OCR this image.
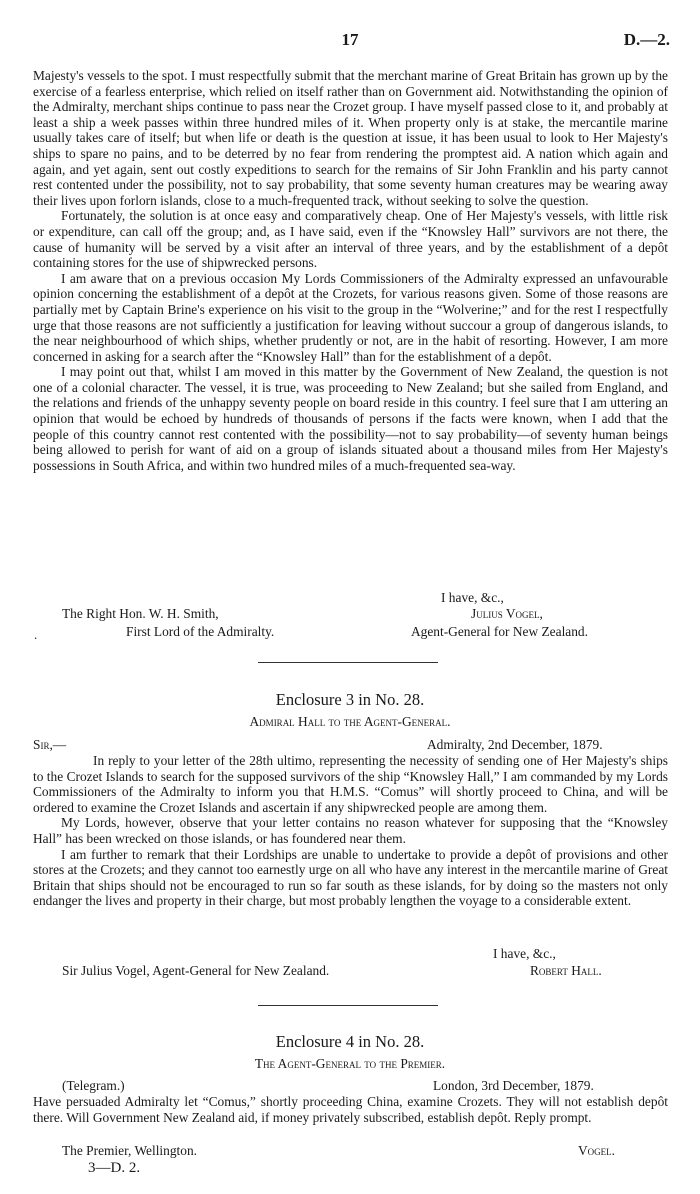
17	D.—2.

Majesty's vessels to the spot. I must respectfully submit that the merchant marine of Great Britain has grown up by the exercise of a fearless enterprise, which relied on itself rather than on Government aid. Notwithstanding the opinion of the Admiralty, merchant ships continue to pass near the Crozet group. I have myself passed close to it, and probably at least a ship a week passes within three hundred miles of it. When property only is at stake, the mercantile marine usually takes care of itself; but when life or death is the question at issue, it has been usual to look to Her Majesty's ships to spare no pains, and to be deterred by no fear from rendering the promptest aid. A nation which again and again, and yet again, sent out costly expeditions to search for the remains of Sir John Franklin and his party cannot rest contented under the possibility, not to say probability, that some seventy human creatures may be wearing away their lives upon forlorn islands, close to a much-frequented track, without seeking to solve the question.

Fortunately, the solution is at once easy and comparatively cheap. One of Her Majesty's vessels, with little risk or expenditure, can call off the group; and, as I have said, even if the “Knowsley Hall” survivors are not there, the cause of humanity will be served by a visit after an interval of three years, and by the establishment of a depôt containing stores for the use of shipwrecked persons.

I am aware that on a previous occasion My Lords Commissioners of the Admiralty expressed an unfavourable opinion concerning the establishment of a depôt at the Crozets, for various reasons given. Some of those reasons are partially met by Captain Brine's experience on his visit to the group in the “Wolverine;” and for the rest I respectfully urge that those reasons are not sufficiently a justification for leaving without succour a group of dangerous islands, to the near neighbourhood of which ships, whether prudently or not, are in the habit of resorting. However, I am more concerned in asking for a search after the “Knowsley Hall” than for the establishment of a depôt.

I may point out that, whilst I am moved in this matter by the Government of New Zealand, the question is not one of a colonial character. The vessel, it is true, was proceeding to New Zealand; but she sailed from England, and the relations and friends of the unhappy seventy people on board reside in this country. I feel sure that I am uttering an opinion that would be echoed by hundreds of thousands of persons if the facts were known, when I add that the people of this country cannot rest contented with the possibility—not to say probability—of seventy human beings being allowed to perish for want of aid on a group of islands situated about a thousand miles from Her Majesty's possessions in South Africa, and within two hundred miles of a much-frequented sea-way.

I have, &c.,
The Right Hon. W. H. Smith,	Julius Vogel,
.	First Lord of the Admiralty.	Agent-General for New Zealand.
Enclosure 3 in No. 28.
Admiral Hall to the Agent-General.
Sir,—	Admiralty, 2nd December, 1879.

In reply to your letter of the 28th ultimo, representing the necessity of sending one of Her Majesty's ships to the Crozet Islands to search for the supposed survivors of the ship “Knowsley Hall,” I am commanded by my Lords Commissioners of the Admiralty to inform you that H.M.S. “Comus” will shortly proceed to China, and will be ordered to examine the Crozet Islands and ascertain if any shipwrecked people are among them.

My Lords, however, observe that your letter contains no reason whatever for supposing that the “Knowsley Hall” has been wrecked on those islands, or has foundered near them.

I am further to remark that their Lordships are unable to undertake to provide a depôt of provisions and other stores at the Crozets; and they cannot too earnestly urge on all who have any interest in the mercantile marine of Great Britain that ships should not be encouraged to run so far south as these islands, for by doing so the masters not only endanger the lives and property in their charge, but most probably lengthen the voyage to a considerable extent.

I have, &c.,
Sir Julius Vogel, Agent-General for New Zealand.	Robert Hall.
Enclosure 4 in No. 28.
The Agent-General to the Premier.
(Telegram.)	London, 3rd December, 1879.

Have persuaded Admiralty let “Comus,” shortly proceeding China, examine Crozets. They will not establish depôt there. Will Government New Zealand aid, if money privately subscribed, establish depôt. Reply prompt.

The Premier, Wellington.	Vogel.
3—D. 2.
